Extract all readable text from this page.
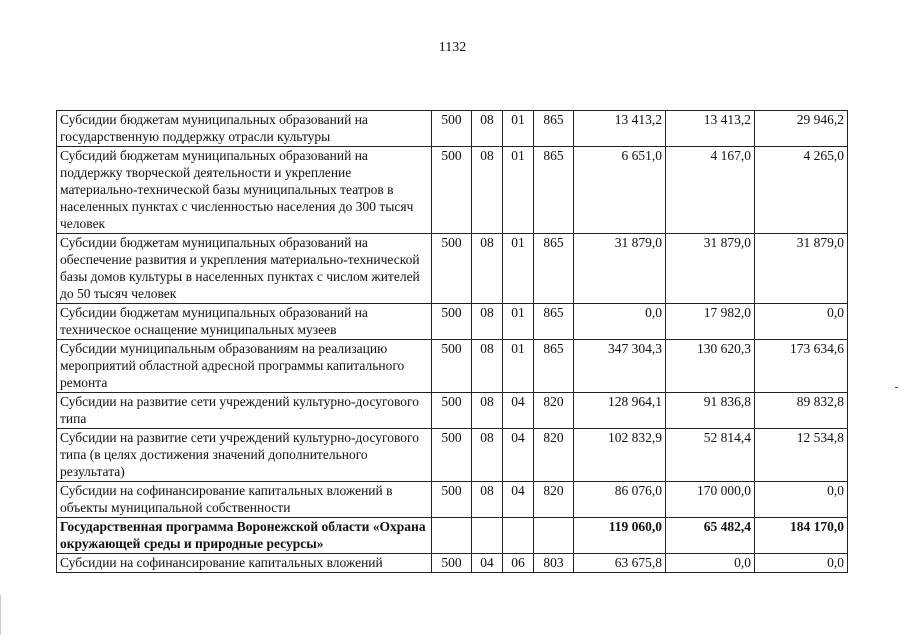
1132
Субсидии бюджетам муниципальных образований на государственную поддержку отрасли культуры	500	08	01	865	13 413,2	13 413,2	29 946,2
Субсидий бюджетам муниципальных образований на поддержку творческой деятельности и укрепление материально-технической базы муниципальных театров в населенных пунктах с численностью населения до 300 тысяч человек	500	08	01	865	6 651,0	4 167,0	4 265,0
Субсидии бюджетам муниципальных образований на обеспечение развития и укрепления материально-технической базы домов культуры в населенных пунктах с числом жителей до 50 тысяч человек	500	08	01	865	31 879,0	31 879,0	31 879,0
Субсидии бюджетам муниципальных образований на техническое оснащение муниципальных музеев	500	08	01	865	0,0	17 982,0	0,0
Субсидии муниципальным образованиям на реализацию мероприятий областной адресной программы капитального ремонта	500	08	01	865	347 304,3	130 620,3	173 634,6
Субсидии на развитие сети учреждений культурно-досугового типа	500	08	04	820	128 964,1	91 836,8	89 832,8
Субсидии на развитие сети учреждений культурно-досугового типа (в целях достижения значений дополнительного результата)	500	08	04	820	102 832,9	52 814,4	12 534,8
Субсидии на софинансирование капитальных вложений в объекты муниципальной собственности	500	08	04	820	86 076,0	170 000,0	0,0
Государственная программа Воронежской области «Охрана окружающей среды и природные ресурсы»					119 060,0	65 482,4	184 170,0
Субсидии на софинансирование капитальных вложений	500	04	06	803	63 675,8	0,0	0,0
